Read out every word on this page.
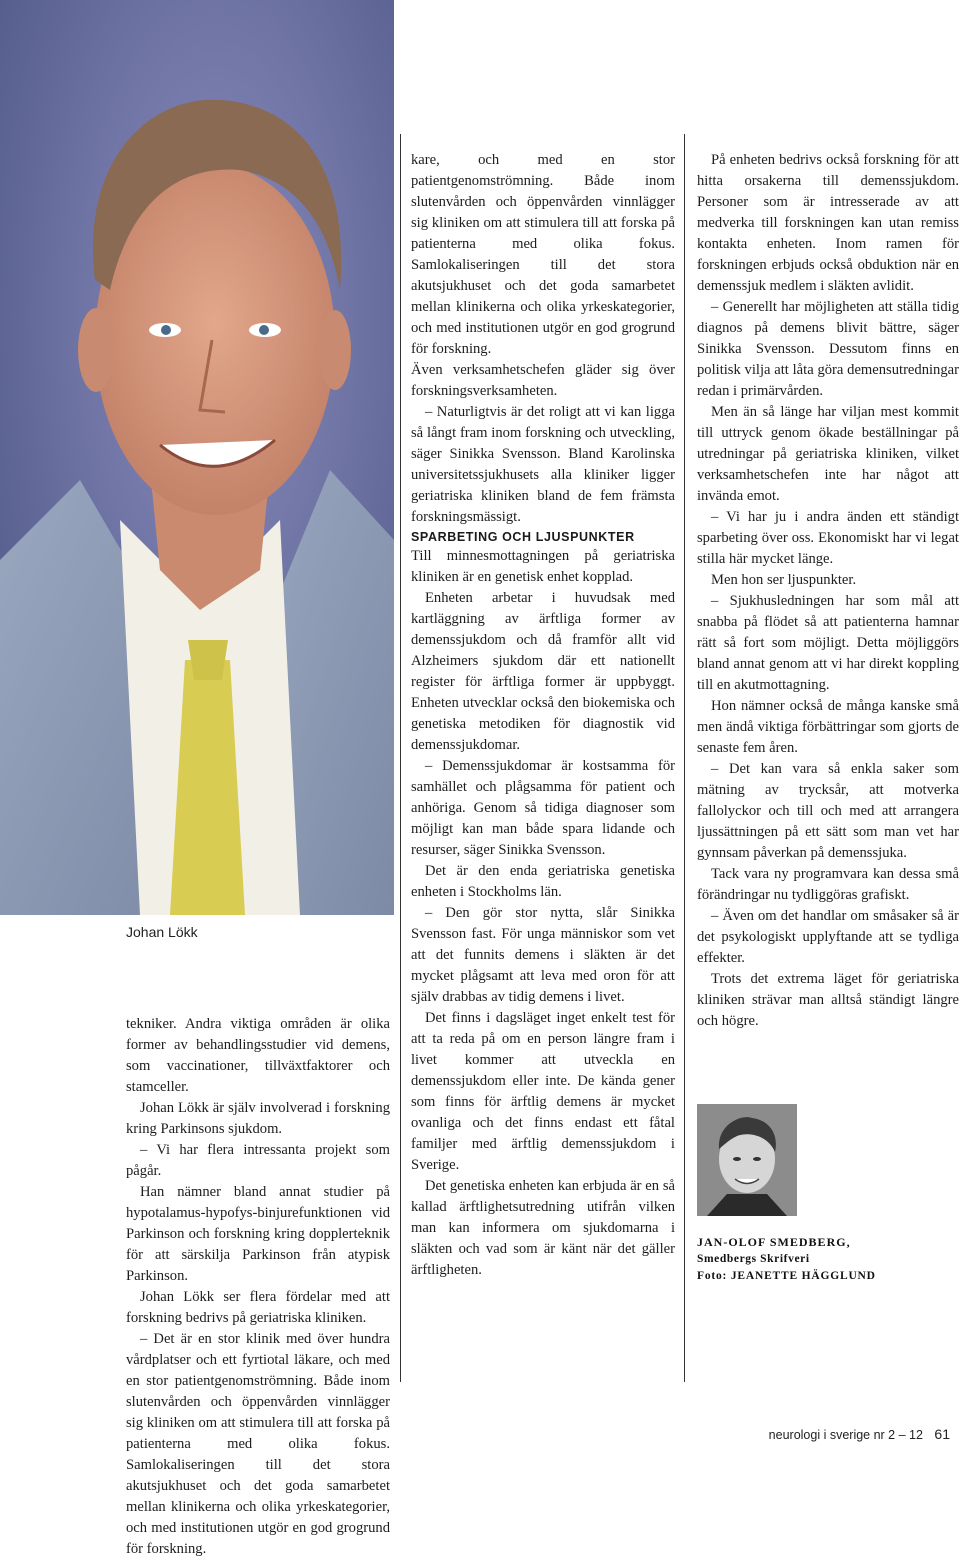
Johan Lökk

tekniker. Andra viktiga områden är olika former av behandlingsstudier vid demens, som vaccinationer, tillväxtfaktorer och stamceller.

Johan Lökk är själv involverad i forskning kring Parkinsons sjukdom.

– Vi har flera intressanta projekt som pågår.

Han nämner bland annat studier på hypotalamus-hypofys-binjurefunktionen vid Parkinson och forskning kring dopplerteknik för att särskilja Parkinson från atypisk Parkinson.

Johan Lökk ser flera fördelar med att forskning bedrivs på geriatriska kliniken.

– Det är en stor klinik med över hundra vårdplatser och ett fyrtiotal läkare, och med en stor patientgenomströmning. Både inom slutenvården och öppenvården vinnlägger sig kliniken om att stimulera till att forska på patienterna med olika fokus. Samlokaliseringen till det stora akutsjukhuset och det goda samarbetet mellan klinikerna och olika yrkeskategorier, och med institutionen utgör en god grogrund för forskning.

kare, och med en stor patientgenomströmning. Både inom slutenvården och öppenvården vinnlägger sig kliniken om att stimulera till att forska på patienterna med olika fokus. Samlokaliseringen till det stora akutsjukhuset och det goda samarbetet mellan klinikerna och olika yrkeskategorier, och med institutionen utgör en god grogrund för forskning.

Även verksamhetschefen gläder sig över forskningsverksamheten.

– Naturligtvis är det roligt att vi kan ligga så långt fram inom forskning och utveckling, säger Sinikka Svensson. Bland Karolinska universitetssjukhusets alla kliniker ligger geriatriska kliniken bland de fem främsta forskningsmässigt.

SPARBETING OCH LJUSPUNKTER

Till minnesmottagningen på geriatriska kliniken är en genetisk enhet kopplad.

Enheten arbetar i huvudsak med kartläggning av ärftliga former av demenssjukdom och då framför allt vid Alzheimers sjukdom där ett nationellt register för ärftliga former är uppbyggt. Enheten utvecklar också den biokemiska och genetiska metodiken för diagnostik vid demenssjukdomar.

– Demenssjukdomar är kostsamma för samhället och plågsamma för patient och anhöriga. Genom så tidiga diagnoser som möjligt kan man både spara lidande och resurser, säger Sinikka Svensson.

Det är den enda geriatriska genetiska enheten i Stockholms län.

– Den gör stor nytta, slår Sinikka Svensson fast. För unga människor som vet att det funnits demens i släkten är det mycket plågsamt att leva med oron för att själv drabbas av tidig demens i livet.

Det finns i dagsläget inget enkelt test för att ta reda på om en person längre fram i livet kommer att utveckla en demenssjukdom eller inte. De kända gener som finns för ärftlig demens är mycket ovanliga och det finns endast ett fåtal familjer med ärftlig demenssjukdom i Sverige.

Det genetiska enheten kan erbjuda är en så kallad ärftlighetsutredning utifrån vilken man kan informera om sjukdomarna i släkten och vad som är känt när det gäller ärftligheten.

På enheten bedrivs också forskning för att hitta orsakerna till demenssjukdom. Personer som är intresserade av att medverka till forskningen kan utan remiss kontakta enheten. Inom ramen för forskningen erbjuds också obduktion när en demenssjuk medlem i släkten avlidit.

– Generellt har möjligheten att ställa tidig diagnos på demens blivit bättre, säger Sinikka Svensson. Dessutom finns en politisk vilja att låta göra demensutredningar redan i primärvården.

Men än så länge har viljan mest kommit till uttryck genom ökade beställningar på utredningar på geriatriska kliniken, vilket verksamhetschefen inte har något att invända emot.

– Vi har ju i andra änden ett ständigt sparbeting över oss. Ekonomiskt har vi legat stilla här mycket länge.

Men hon ser ljuspunkter.

– Sjukhusledningen har som mål att snabba på flödet så att patienterna hamnar rätt så fort som möjligt. Detta möjliggörs bland annat genom att vi har direkt koppling till en akutmottagning.

Hon nämner också de många kanske små men ändå viktiga förbättringar som gjorts de senaste fem åren.

– Det kan vara så enkla saker som mätning av trycksår, att motverka fallolyckor och till och med att arrangera ljussättningen på ett sätt som man vet har gynnsam påverkan på demenssjuka.

Tack vara ny programvara kan dessa små förändringar nu tydliggöras grafiskt.

– Även om det handlar om småsaker så är det psykologiskt upplyftande att se tydliga effekter.

Trots det extrema läget för geriatriska kliniken strävar man alltså ständigt längre och högre.

JAN-OLOF SMEDBERG,
Smedbergs Skrifveri
Foto: JEANETTE HÄGGLUND
neurologi i sverige nr 2 – 12 61
